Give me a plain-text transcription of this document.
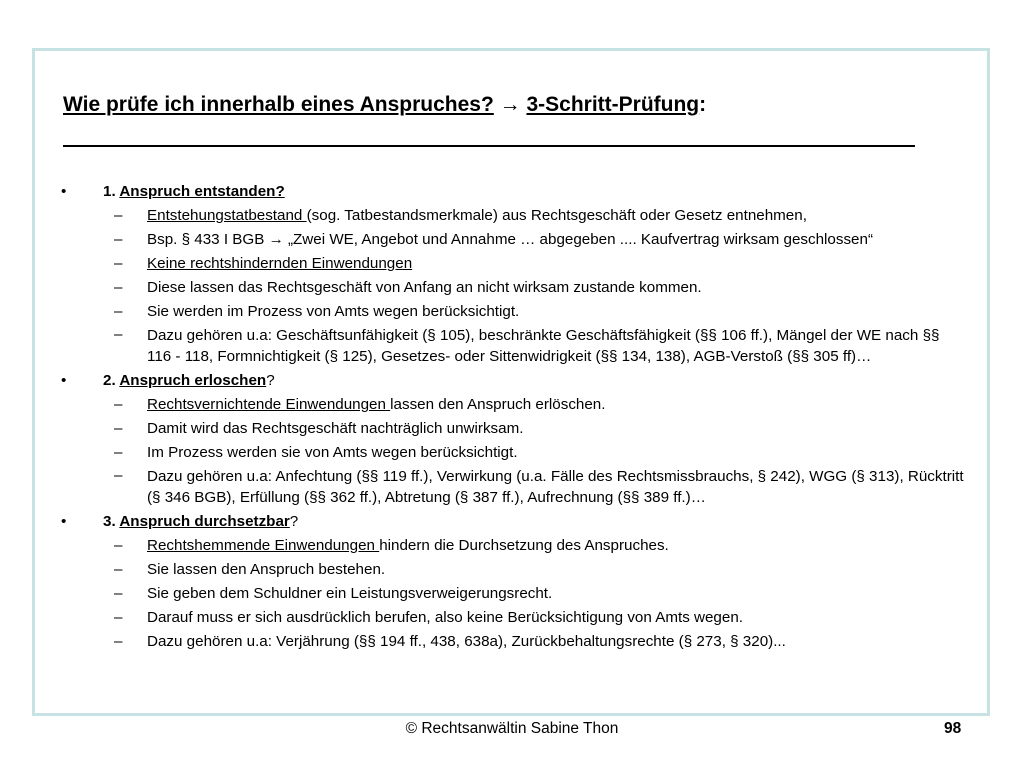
Wie prüfe ich innerhalb eines Anspruches? → 3-Schritt-Prüfung:
• 1. Anspruch entstanden?
– Entstehungstatbestand (sog. Tatbestandsmerkmale) aus Rechtsgeschäft oder Gesetz entnehmen,
– Bsp. § 433 I BGB → „Zwei WE, Angebot und Annahme … abgegeben .... Kaufvertrag wirksam geschlossen“
– Keine rechtshindernden Einwendungen
– Diese lassen das Rechtsgeschäft von Anfang an nicht wirksam zustande kommen.
– Sie werden im Prozess von Amts wegen berücksichtigt.
– Dazu gehören u.a: Geschäftsunfähigkeit (§ 105), beschränkte Geschäftsfähigkeit (§§ 106 ff.), Mängel der WE nach §§ 116 - 118, Formnichtigkeit (§ 125), Gesetzes- oder Sittenwidrigkeit (§§ 134, 138), AGB-Verstoß (§§ 305 ff)…
• 2. Anspruch erloschen?
– Rechtsvernichtende Einwendungen lassen den Anspruch erlöschen.
– Damit wird das Rechtsgeschäft nachträglich unwirksam.
– Im Prozess werden sie von Amts wegen berücksichtigt.
– Dazu gehören u.a: Anfechtung (§§ 119 ff.), Verwirkung (u.a. Fälle des Rechtsmissbrauchs, § 242), WGG (§ 313), Rücktritt (§ 346 BGB), Erfüllung (§§ 362 ff.), Abtretung (§ 387 ff.), Aufrechnung (§§ 389 ff.)…
• 3. Anspruch durchsetzbar?
– Rechtshemmende Einwendungen hindern die Durchsetzung des Anspruches.
– Sie lassen den Anspruch bestehen.
– Sie geben dem Schuldner ein Leistungsverweigerungsrecht.
– Darauf muss er sich ausdrücklich berufen, also keine Berücksichtigung von Amts wegen.
– Dazu gehören u.a: Verjährung (§§ 194 ff., 438, 638a), Zurückbehaltungsrechte (§ 273, § 320)...
© Rechtsanwältin Sabine Thon	98
